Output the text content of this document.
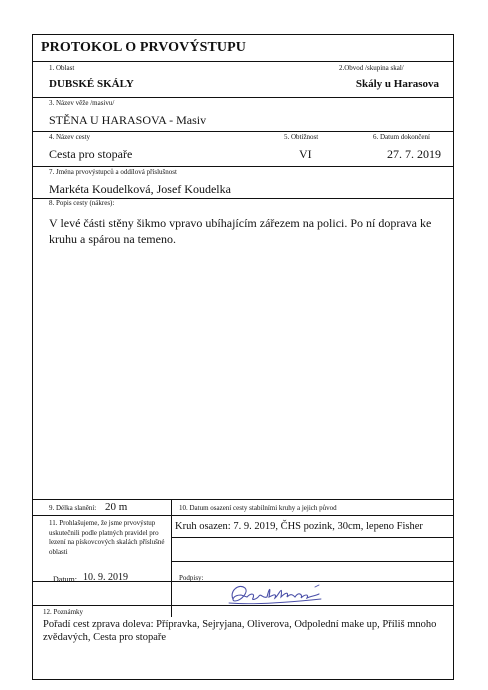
PROTOKOL O PRVOVÝSTUPU
1. Oblast	2.Obvod /skupina skal/
DUBSKÉ SKÁLY	Skály u Harasova
3. Název věže /masivu/
STĚNA U HARASOVA - Masiv
4. Název cesty	5. Obtížnost	6. Datum dokončení
Cesta pro stopaře	VI	27. 7. 2019
7. Jména prvovýstupců a oddílová příslušnost
Markéta Koudelková, Josef Koudelka
8. Popis cesty (nákres):
V levé části stěny šikmo vpravo ubíhajícím zářezem na polici. Po ní doprava ke kruhu a spárou na temeno.
9. Délka slanění: 20 m	10. Datum osazení cesty stabilními kruhy a jejich původ
11. Prohlašujeme, že jsme prvovýstup uskutečnili podle platných pravidel pro lezení na pískovcových skalách příslušné oblasti
Kruh osazen: 7. 9. 2019, ČHS pozink, 30cm, lepeno Fisher
Datum: 10. 9. 2019	Podpisy:
12. Poznámky
Pořadí cest zprava doleva: Přípravka, Sejryjana, Oliverova, Odpolední make up, Příliš mnoho zvědavých, Cesta pro stopaře
